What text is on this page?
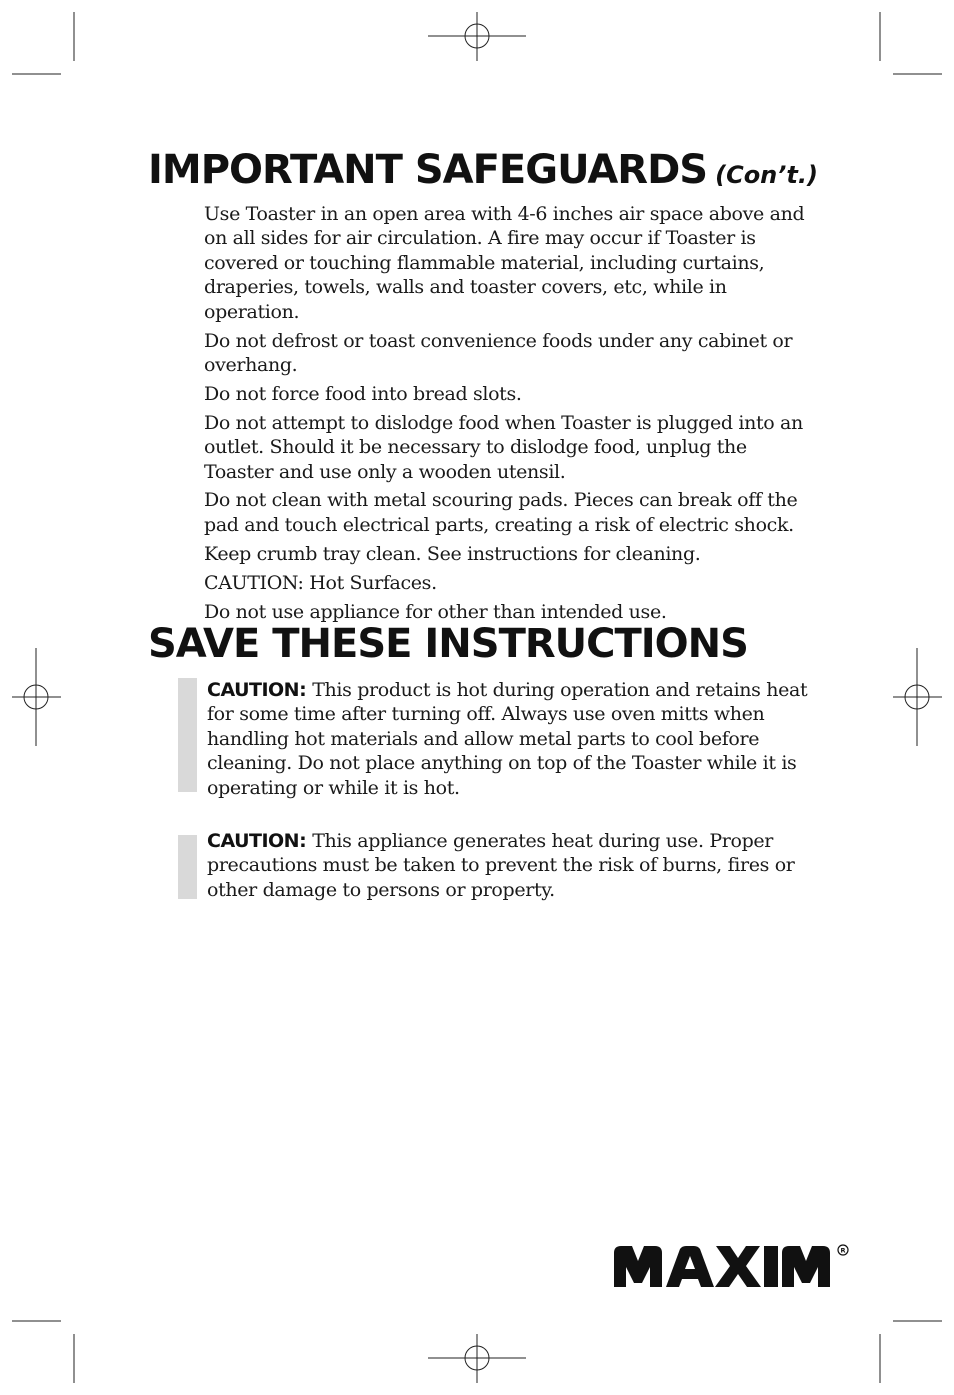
IMPORTANT SAFEGUARDS (Con’t.)
Use Toaster in an open area with 4-6 inches air space above and on all sides for air circulation. A fire may occur if Toaster is covered or touching flammable material, including curtains, draperies, towels, walls and toaster covers, etc, while in operation.
Do not defrost or toast convenience foods under any cabinet or overhang.
Do not force food into bread slots.
Do not attempt to dislodge food when Toaster is plugged into an outlet. Should it be necessary to dislodge food, unplug the Toaster and use only a wooden utensil.
Do not clean with metal scouring pads. Pieces can break off the pad and touch electrical parts, creating a risk of electric shock.
Keep crumb tray clean. See instructions for cleaning.
CAUTION: Hot Surfaces.
Do not use appliance for other than intended use.
SAVE THESE INSTRUCTIONS

CAUTION: This product is hot during operation and retains heat for some time after turning off. Always use oven mitts when handling hot materials and allow metal parts to cool before cleaning. Do not place anything on top of the Toaster while it is operating or while it is hot.

CAUTION: This appliance generates heat during use. Proper precautions must be taken to prevent the risk of burns, fires or other damage to persons or property.

R
